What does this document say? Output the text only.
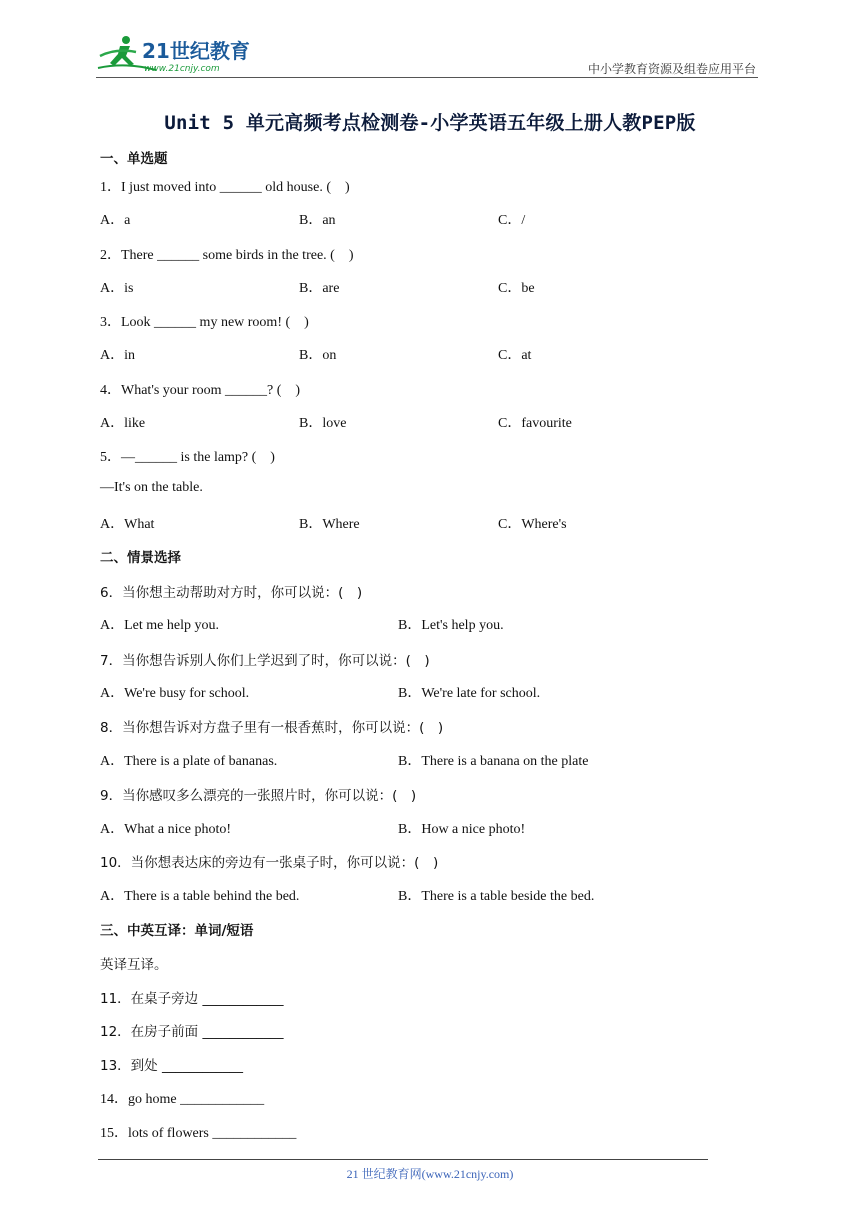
21世纪教育
www.21cnjy.com	中小学教育资源及组卷应用平台
Unit 5 单元高频考点检测卷-小学英语五年级上册人教PEP版
一、单选题
1．I just moved into ______ old house. (　)
A．a	B．an	C．/
2．There ______ some birds in the tree. (　)
A．is	B．are	C．be
3．Look ______ my new room! (　)
A．in	B．on	C．at
4．What's your room ______? (　)
A．like	B．love	C．favourite
5．—______ is the lamp? (　)
—It's on the table.
A．What	B．Where	C．Where's
二、情景选择
6．当你想主动帮助对方时，你可以说：(　)
A．Let me help you.	B．Let's help you.
7．当你想告诉别人你们上学迟到了时，你可以说：(　)
A．We're busy for school.	B．We're late for school.
8．当你想告诉对方盘子里有一根香蕉时，你可以说：(　)
A．There is a plate of bananas.	B．There is a banana on the plate
9．当你感叹多么漂亮的一张照片时，你可以说：(　)
A．What a nice photo!	B．How a nice photo!
10．当你想表达床的旁边有一张桌子时，你可以说：(　)
A．There is a table behind the bed.	B．There is a table beside the bed.
三、中英互译：单词/短语
英译互译。
11．在桌子旁边 ____________
12．在房子前面 ____________
13．到处 ____________
14．go home ____________
15．lots of flowers ____________
21 世纪教育网(www.21cnjy.com)
